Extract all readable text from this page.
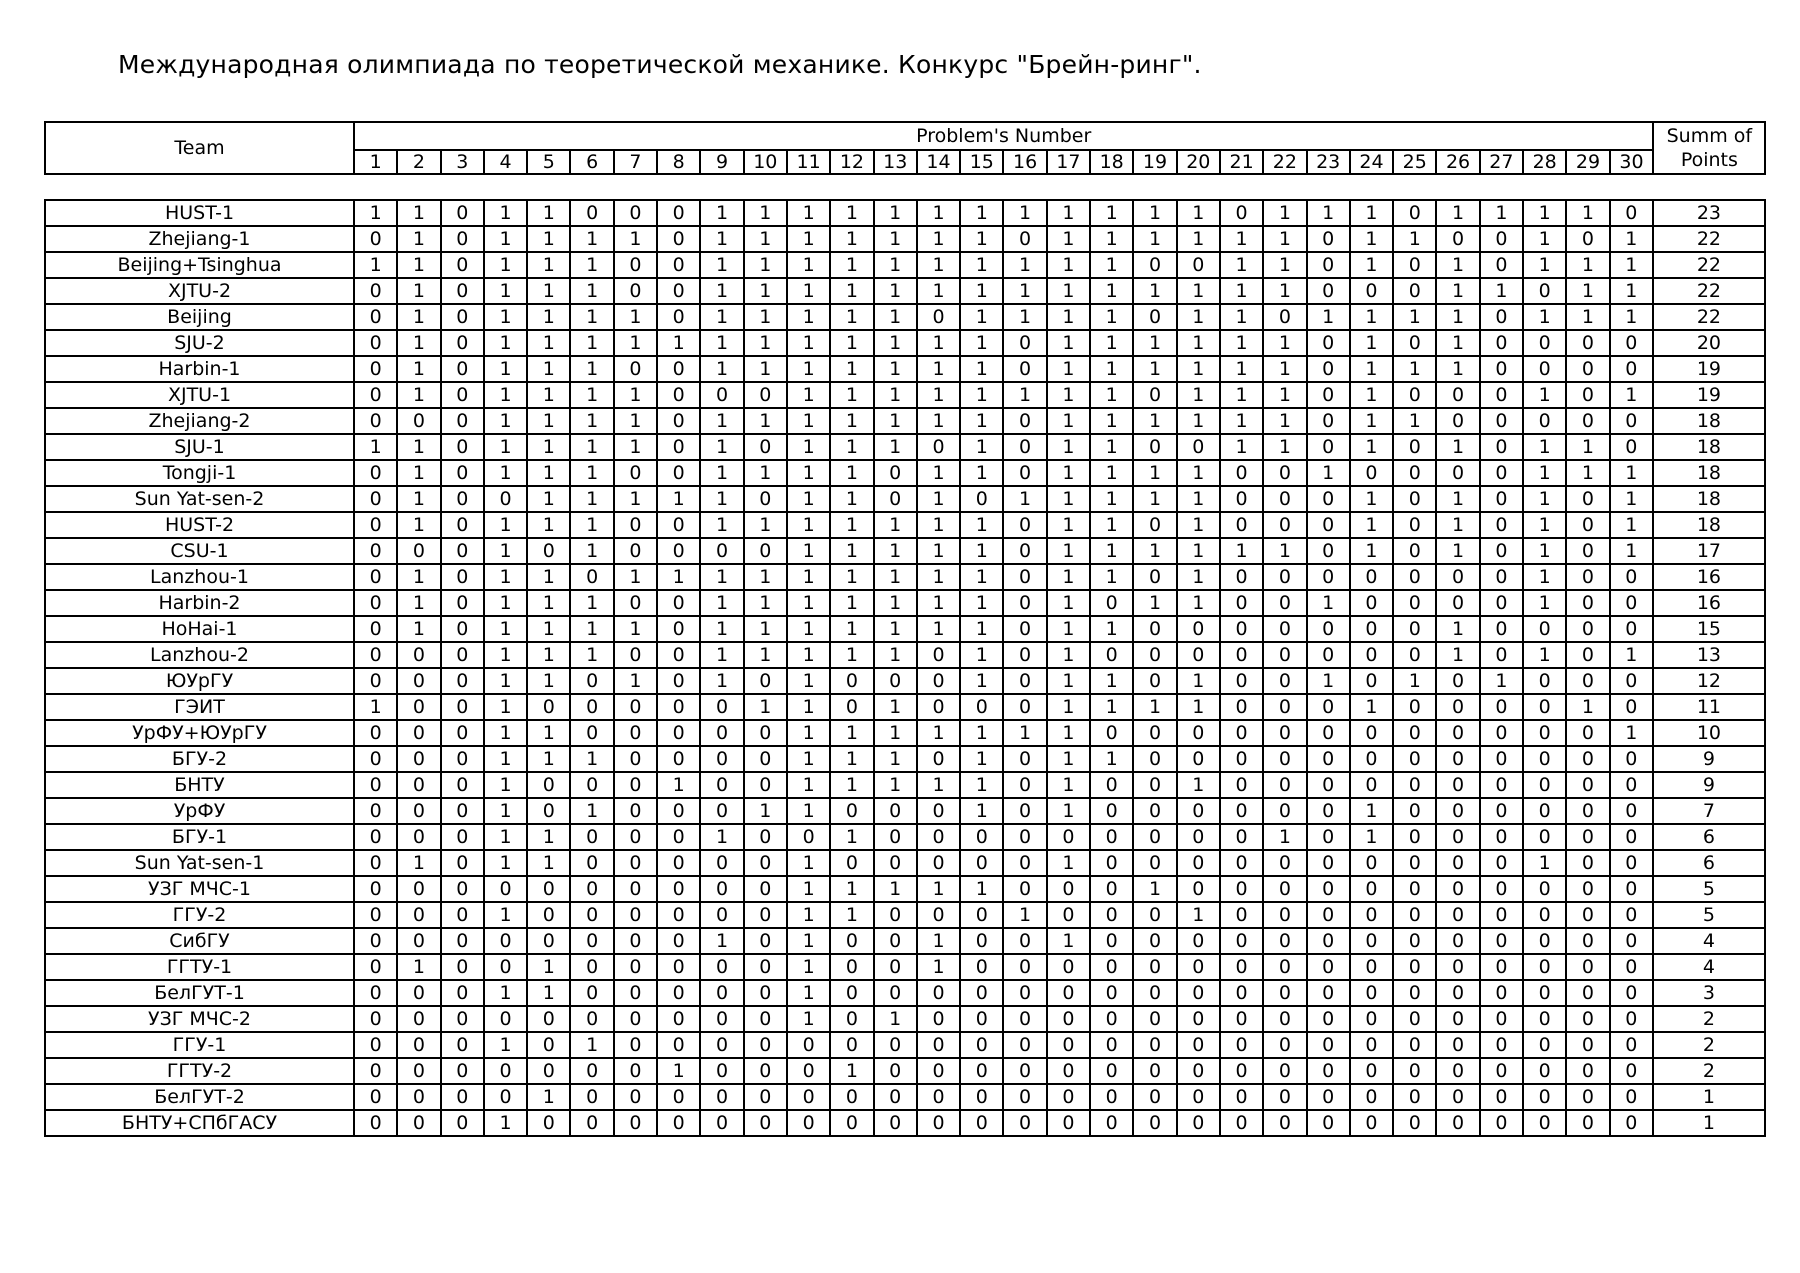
Международная олимпиада по теоретической механике. Конкурс "Брейн-ринг".
Team	Problem's Number																														Summ of Points
	1	2	3	4	5	6	7	8	9	10	11	12	13	14	15	16	17	18	19	20	21	22	23	24	25	26	27	28	29	30	
HUST-1	1	1	0	1	1	0	0	0	1	1	1	1	1	1	1	1	1	1	1	1	0	1	1	1	0	1	1	1	1	0	23
Zhejiang-1	0	1	0	1	1	1	1	0	1	1	1	1	1	1	1	0	1	1	1	1	1	1	0	1	1	0	0	1	0	1	22
Beijing+Tsinghua	1	1	0	1	1	1	0	0	1	1	1	1	1	1	1	1	1	1	0	0	1	1	0	1	0	1	0	1	1	1	22
XJTU-2	0	1	0	1	1	1	0	0	1	1	1	1	1	1	1	1	1	1	1	1	1	1	0	0	0	1	1	0	1	1	22
Beijing	0	1	0	1	1	1	1	0	1	1	1	1	1	0	1	1	1	1	0	1	1	0	1	1	1	1	0	1	1	1	22
SJU-2	0	1	0	1	1	1	1	1	1	1	1	1	1	1	1	0	1	1	1	1	1	1	0	1	0	1	0	0	0	0	20
Harbin-1	0	1	0	1	1	1	0	0	1	1	1	1	1	1	1	0	1	1	1	1	1	1	0	1	1	1	0	0	0	0	19
XJTU-1	0	1	0	1	1	1	1	0	0	0	1	1	1	1	1	1	1	1	0	1	1	1	0	1	0	0	0	1	0	1	19
Zhejiang-2	0	0	0	1	1	1	1	0	1	1	1	1	1	1	1	0	1	1	1	1	1	1	0	1	1	0	0	0	0	0	18
SJU-1	1	1	0	1	1	1	1	0	1	0	1	1	1	0	1	0	1	1	0	0	1	1	0	1	0	1	0	1	1	0	18
Tongji-1	0	1	0	1	1	1	0	0	1	1	1	1	0	1	1	0	1	1	1	1	0	0	1	0	0	0	0	1	1	1	18
Sun Yat-sen-2	0	1	0	0	1	1	1	1	1	0	1	1	0	1	0	1	1	1	1	1	0	0	0	1	0	1	0	1	0	1	18
HUST-2	0	1	0	1	1	1	0	0	1	1	1	1	1	1	1	0	1	1	0	1	0	0	0	1	0	1	0	1	0	1	18
CSU-1	0	0	0	1	0	1	0	0	0	0	1	1	1	1	1	0	1	1	1	1	1	1	0	1	0	1	0	1	0	1	17
Lanzhou-1	0	1	0	1	1	0	1	1	1	1	1	1	1	1	1	0	1	1	0	1	0	0	0	0	0	0	0	1	0	0	16
Harbin-2	0	1	0	1	1	1	0	0	1	1	1	1	1	1	1	0	1	0	1	1	0	0	1	0	0	0	0	1	0	0	16
HoHai-1	0	1	0	1	1	1	1	0	1	1	1	1	1	1	1	0	1	1	0	0	0	0	0	0	0	1	0	0	0	0	15
Lanzhou-2	0	0	0	1	1	1	0	0	1	1	1	1	1	0	1	0	1	0	0	0	0	0	0	0	0	1	0	1	0	1	13
ЮУрГУ	0	0	0	1	1	0	1	0	1	0	1	0	0	0	1	0	1	1	0	1	0	0	1	0	1	0	1	0	0	0	12
ГЭИТ	1	0	0	1	0	0	0	0	0	1	1	0	1	0	0	0	1	1	1	1	0	0	0	1	0	0	0	0	1	0	11
УрФУ+ЮУрГУ	0	0	0	1	1	0	0	0	0	0	1	1	1	1	1	1	1	0	0	0	0	0	0	0	0	0	0	0	0	1	10
БГУ-2	0	0	0	1	1	1	0	0	0	0	1	1	1	0	1	0	1	1	0	0	0	0	0	0	0	0	0	0	0	0	9
БНТУ	0	0	0	1	0	0	0	1	0	0	1	1	1	1	1	0	1	0	0	1	0	0	0	0	0	0	0	0	0	0	9
УрФУ	0	0	0	1	0	1	0	0	0	1	1	0	0	0	1	0	1	0	0	0	0	0	0	1	0	0	0	0	0	0	7
БГУ-1	0	0	0	1	1	0	0	0	1	0	0	1	0	0	0	0	0	0	0	0	0	1	0	1	0	0	0	0	0	0	6
Sun Yat-sen-1	0	1	0	1	1	0	0	0	0	0	1	0	0	0	0	0	1	0	0	0	0	0	0	0	0	0	0	1	0	0	6
УЗГ МЧС-1	0	0	0	0	0	0	0	0	0	0	1	1	1	1	1	0	0	0	1	0	0	0	0	0	0	0	0	0	0	0	5
ГГУ-2	0	0	0	1	0	0	0	0	0	0	1	1	0	0	0	1	0	0	0	1	0	0	0	0	0	0	0	0	0	0	5
СибГУ	0	0	0	0	0	0	0	0	1	0	1	0	0	1	0	0	1	0	0	0	0	0	0	0	0	0	0	0	0	0	4
ГГТУ-1	0	1	0	0	1	0	0	0	0	0	1	0	0	1	0	0	0	0	0	0	0	0	0	0	0	0	0	0	0	0	4
БелГУТ-1	0	0	0	1	1	0	0	0	0	0	1	0	0	0	0	0	0	0	0	0	0	0	0	0	0	0	0	0	0	0	3
УЗГ МЧС-2	0	0	0	0	0	0	0	0	0	0	1	0	1	0	0	0	0	0	0	0	0	0	0	0	0	0	0	0	0	0	2
ГГУ-1	0	0	0	1	0	1	0	0	0	0	0	0	0	0	0	0	0	0	0	0	0	0	0	0	0	0	0	0	0	0	2
ГГТУ-2	0	0	0	0	0	0	0	1	0	0	0	1	0	0	0	0	0	0	0	0	0	0	0	0	0	0	0	0	0	0	2
БелГУТ-2	0	0	0	0	1	0	0	0	0	0	0	0	0	0	0	0	0	0	0	0	0	0	0	0	0	0	0	0	0	0	1
БНТУ+СПбГАСУ	0	0	0	1	0	0	0	0	0	0	0	0	0	0	0	0	0	0	0	0	0	0	0	0	0	0	0	0	0	0	1
